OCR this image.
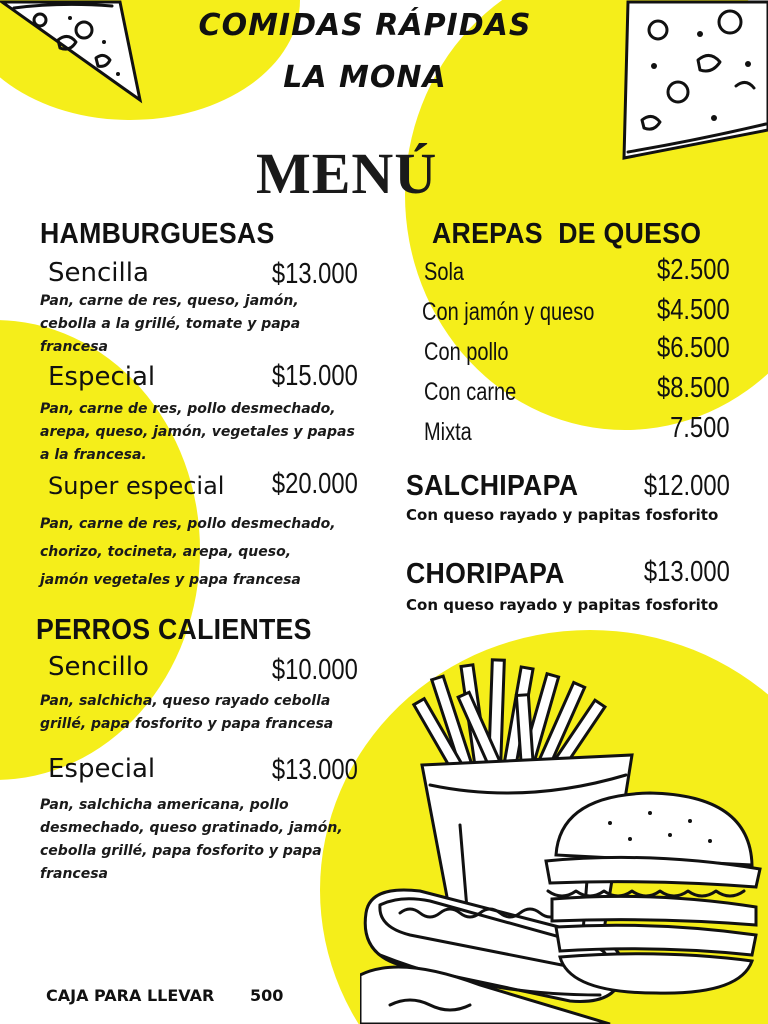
COMIDAS RÁPIDAS
LA MONA
MENÚ
HAMBURGUESAS
Sencilla	$13.000
Pan, carne de res, queso, jamón,
cebolla a la grillé, tomate y papa
francesa
Especial	$15.000
Pan, carne de res, pollo desmechado,
arepa, queso, jamón, vegetales y papas
a la francesa.
Super especial $20.000
Pan, carne de res, pollo desmechado,
chorizo, tocineta, arepa, queso,
jamón vegetales y papa francesa
PERROS CALIENTES
Sencillo	$10.000
Pan, salchicha, queso rayado cebolla
grillé, papa fosforito y papa francesa
Especial	$13.000
Pan, salchicha americana, pollo
desmechado, queso gratinado, jamón,
cebolla grillé, papa fosforito y papa
francesa
AREPAS  DE QUESO
Sola	$2.500
Con jamón y queso $4.500
Con pollo	$6.500
Con carne	$8.500
Mixta	7.500
SALCHIPAPA $12.000
Con queso rayado y papitas fosforito
CHORIPAPA	$13.000
Con queso rayado y papitas fosforito
CAJA PARA LLEVAR 500
